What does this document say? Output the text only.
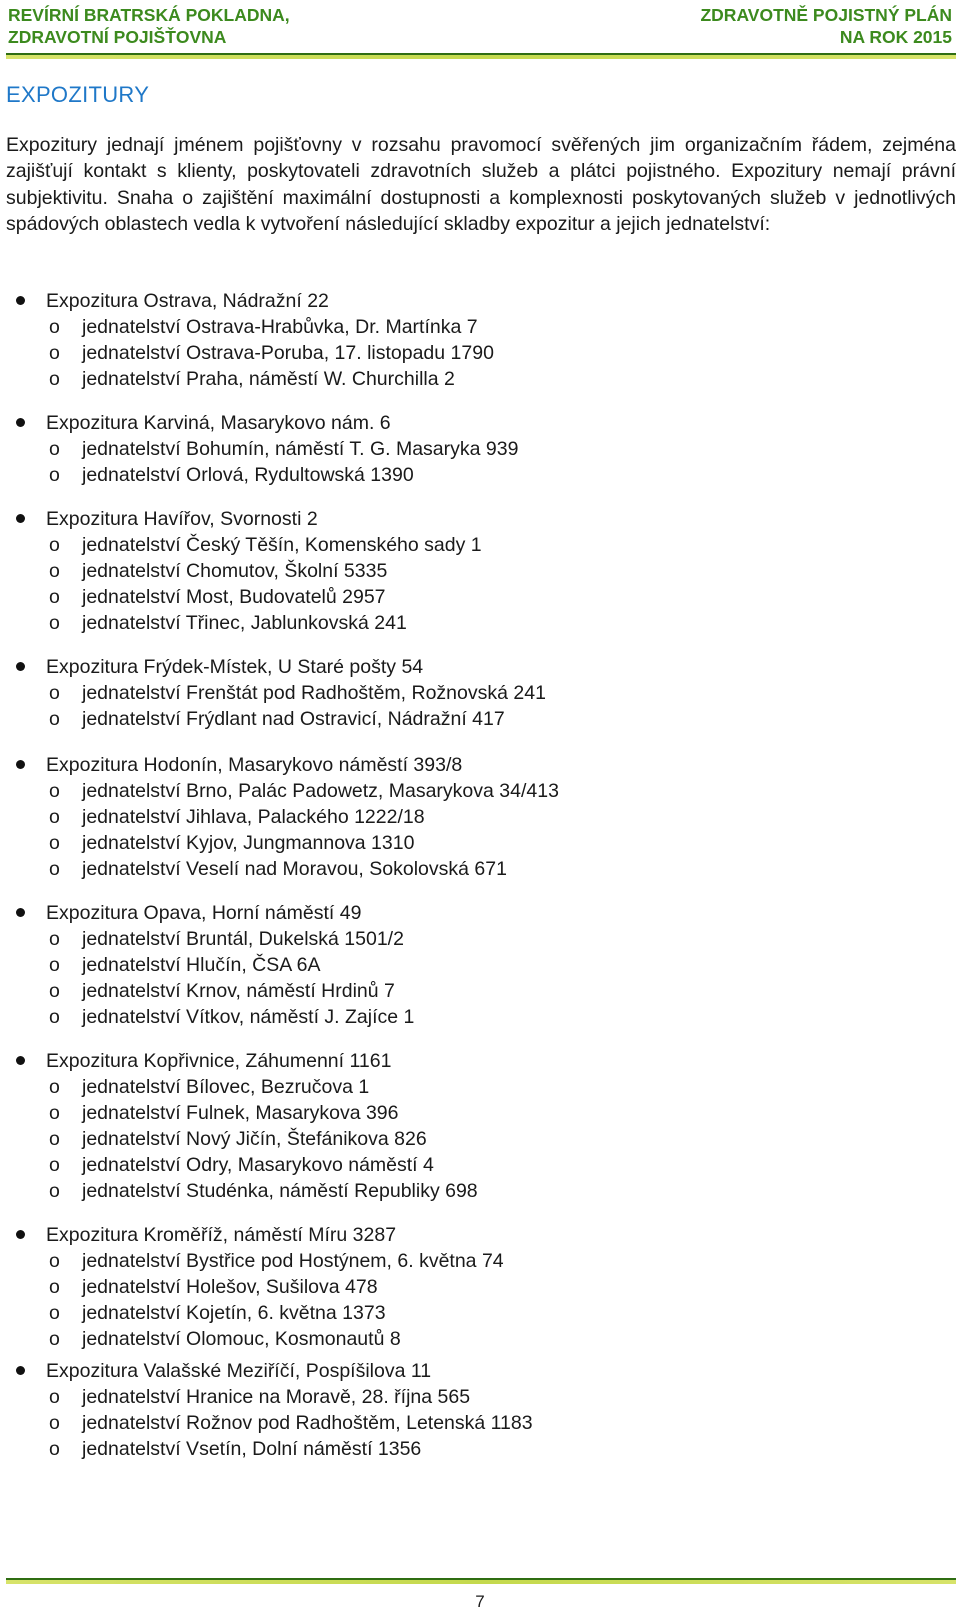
REVÍRNÍ BRATRSKÁ POKLADNA,
ZDRAVOTNÍ POJIŠŤOVNA
ZDRAVOTNĚ POJISTNÝ PLÁN
NA ROK 2015
EXPOZITURY
Expozitury jednají jménem pojišťovny v rozsahu pravomocí svěřených jim organizačním řádem, zejména zajišťují kontakt s klienty, poskytovateli zdravotních služeb a plátci pojistného. Expozitury nemají právní subjektivitu. Snaha o zajištění maximální dostupnosti a komplexnosti poskytovaných služeb v jednotlivých spádových oblastech vedla k vytvoření následující skladby expozitur a jejich jednatelství:
Expozitura Ostrava, Nádražní 22
o jednatelství Ostrava-Hrabůvka, Dr. Martínka 7
o jednatelství Ostrava-Poruba, 17. listopadu 1790
o jednatelství Praha, náměstí W. Churchilla 2
Expozitura Karviná, Masarykovo nám. 6
o jednatelství Bohumín, náměstí T. G. Masaryka 939
o jednatelství Orlová, Rydultowská 1390
Expozitura Havířov, Svornosti 2
o jednatelství Český Těšín, Komenského sady 1
o jednatelství Chomutov, Školní 5335
o jednatelství Most, Budovatelů 2957
o jednatelství Třinec, Jablunkovská 241
Expozitura Frýdek-Místek, U Staré pošty 54
o jednatelství Frenštát pod Radhoštěm, Rožnovská 241
o jednatelství Frýdlant nad Ostravicí, Nádražní 417
Expozitura Hodonín, Masarykovo náměstí 393/8
o jednatelství Brno, Palác Padowetz, Masarykova 34/413
o jednatelství Jihlava, Palackého 1222/18
o jednatelství Kyjov, Jungmannova 1310
o jednatelství Veselí nad Moravou, Sokolovská 671
Expozitura Opava, Horní náměstí 49
o jednatelství Bruntál, Dukelská 1501/2
o jednatelství Hlučín, ČSA 6A
o jednatelství Krnov, náměstí Hrdinů 7
o jednatelství Vítkov, náměstí J. Zajíce 1
Expozitura Kopřivnice, Záhumenní 1161
o jednatelství Bílovec, Bezručova 1
o jednatelství Fulnek, Masarykova 396
o jednatelství Nový Jičín, Štefánikova 826
o jednatelství Odry, Masarykovo náměstí 4
o jednatelství Studénka, náměstí Republiky 698
Expozitura Kroměříž, náměstí Míru 3287
o jednatelství Bystřice pod Hostýnem, 6. května 74
o jednatelství Holešov, Sušilova 478
o jednatelství Kojetín, 6. května 1373
o jednatelství Olomouc, Kosmonautů 8
Expozitura Valašské Meziříčí, Pospíšilova 11
o jednatelství Hranice na Moravě, 28. října 565
o jednatelství Rožnov pod Radhoštěm, Letenská 1183
o jednatelství Vsetín, Dolní náměstí 1356
7
